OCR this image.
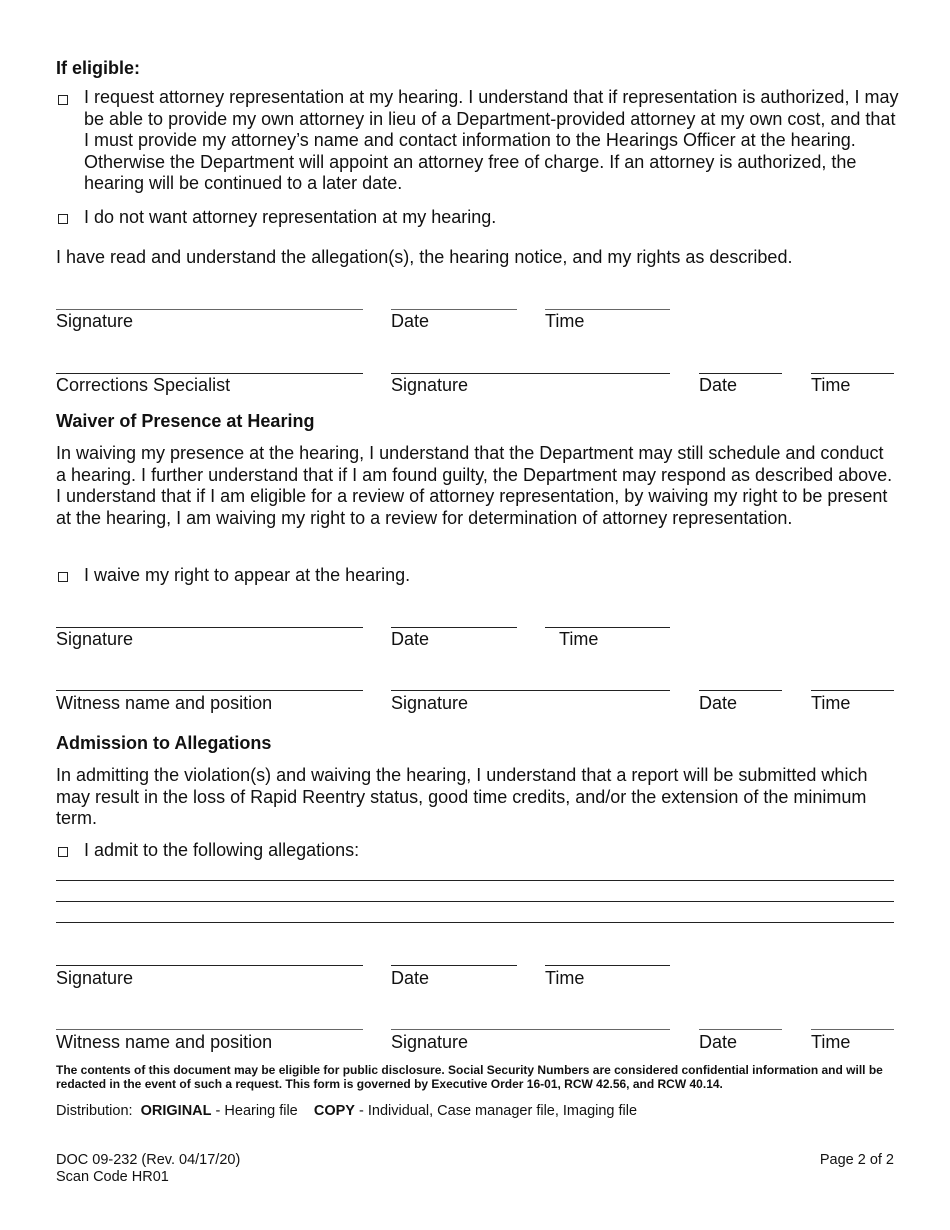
If eligible:
I request attorney representation at my hearing. I understand that if representation is authorized, I may be able to provide my own attorney in lieu of a Department-provided attorney at my own cost, and that I must provide my attorney’s name and contact information to the Hearings Officer at the hearing. Otherwise the Department will appoint an attorney free of charge. If an attorney is authorized, the hearing will be continued to a later date.
I do not want attorney representation at my hearing.
I have read and understand the allegation(s), the hearing notice, and my rights as described.
Signature	Date	Time
Corrections Specialist	Signature	Date	Time
Waiver of Presence at Hearing
In waiving my presence at the hearing, I understand that the Department may still schedule and conduct a hearing. I further understand that if I am found guilty, the Department may respond as described above. I understand that if I am eligible for a review of attorney representation, by waiving my right to be present at the hearing, I am waiving my right to a review for determination of attorney representation.
I waive my right to appear at the hearing.
Signature	Date	Time
Witness name and position	Signature	Date	Time
Admission to Allegations
In admitting the violation(s) and waiving the hearing, I understand that a report will be submitted which may result in the loss of Rapid Reentry status, good time credits, and/or the extension of the minimum term.
I admit to the following allegations:
Signature	Date	Time
Witness name and position	Signature	Date	Time
The contents of this document may be eligible for public disclosure. Social Security Numbers are considered confidential information and will be redacted in the event of such a request. This form is governed by Executive Order 16-01, RCW 42.56, and RCW 40.14.
Distribution: ORIGINAL - Hearing file COPY - Individual, Case manager file, Imaging file
DOC 09-232 (Rev. 04/17/20)
Scan Code HR01
Page 2 of 2
